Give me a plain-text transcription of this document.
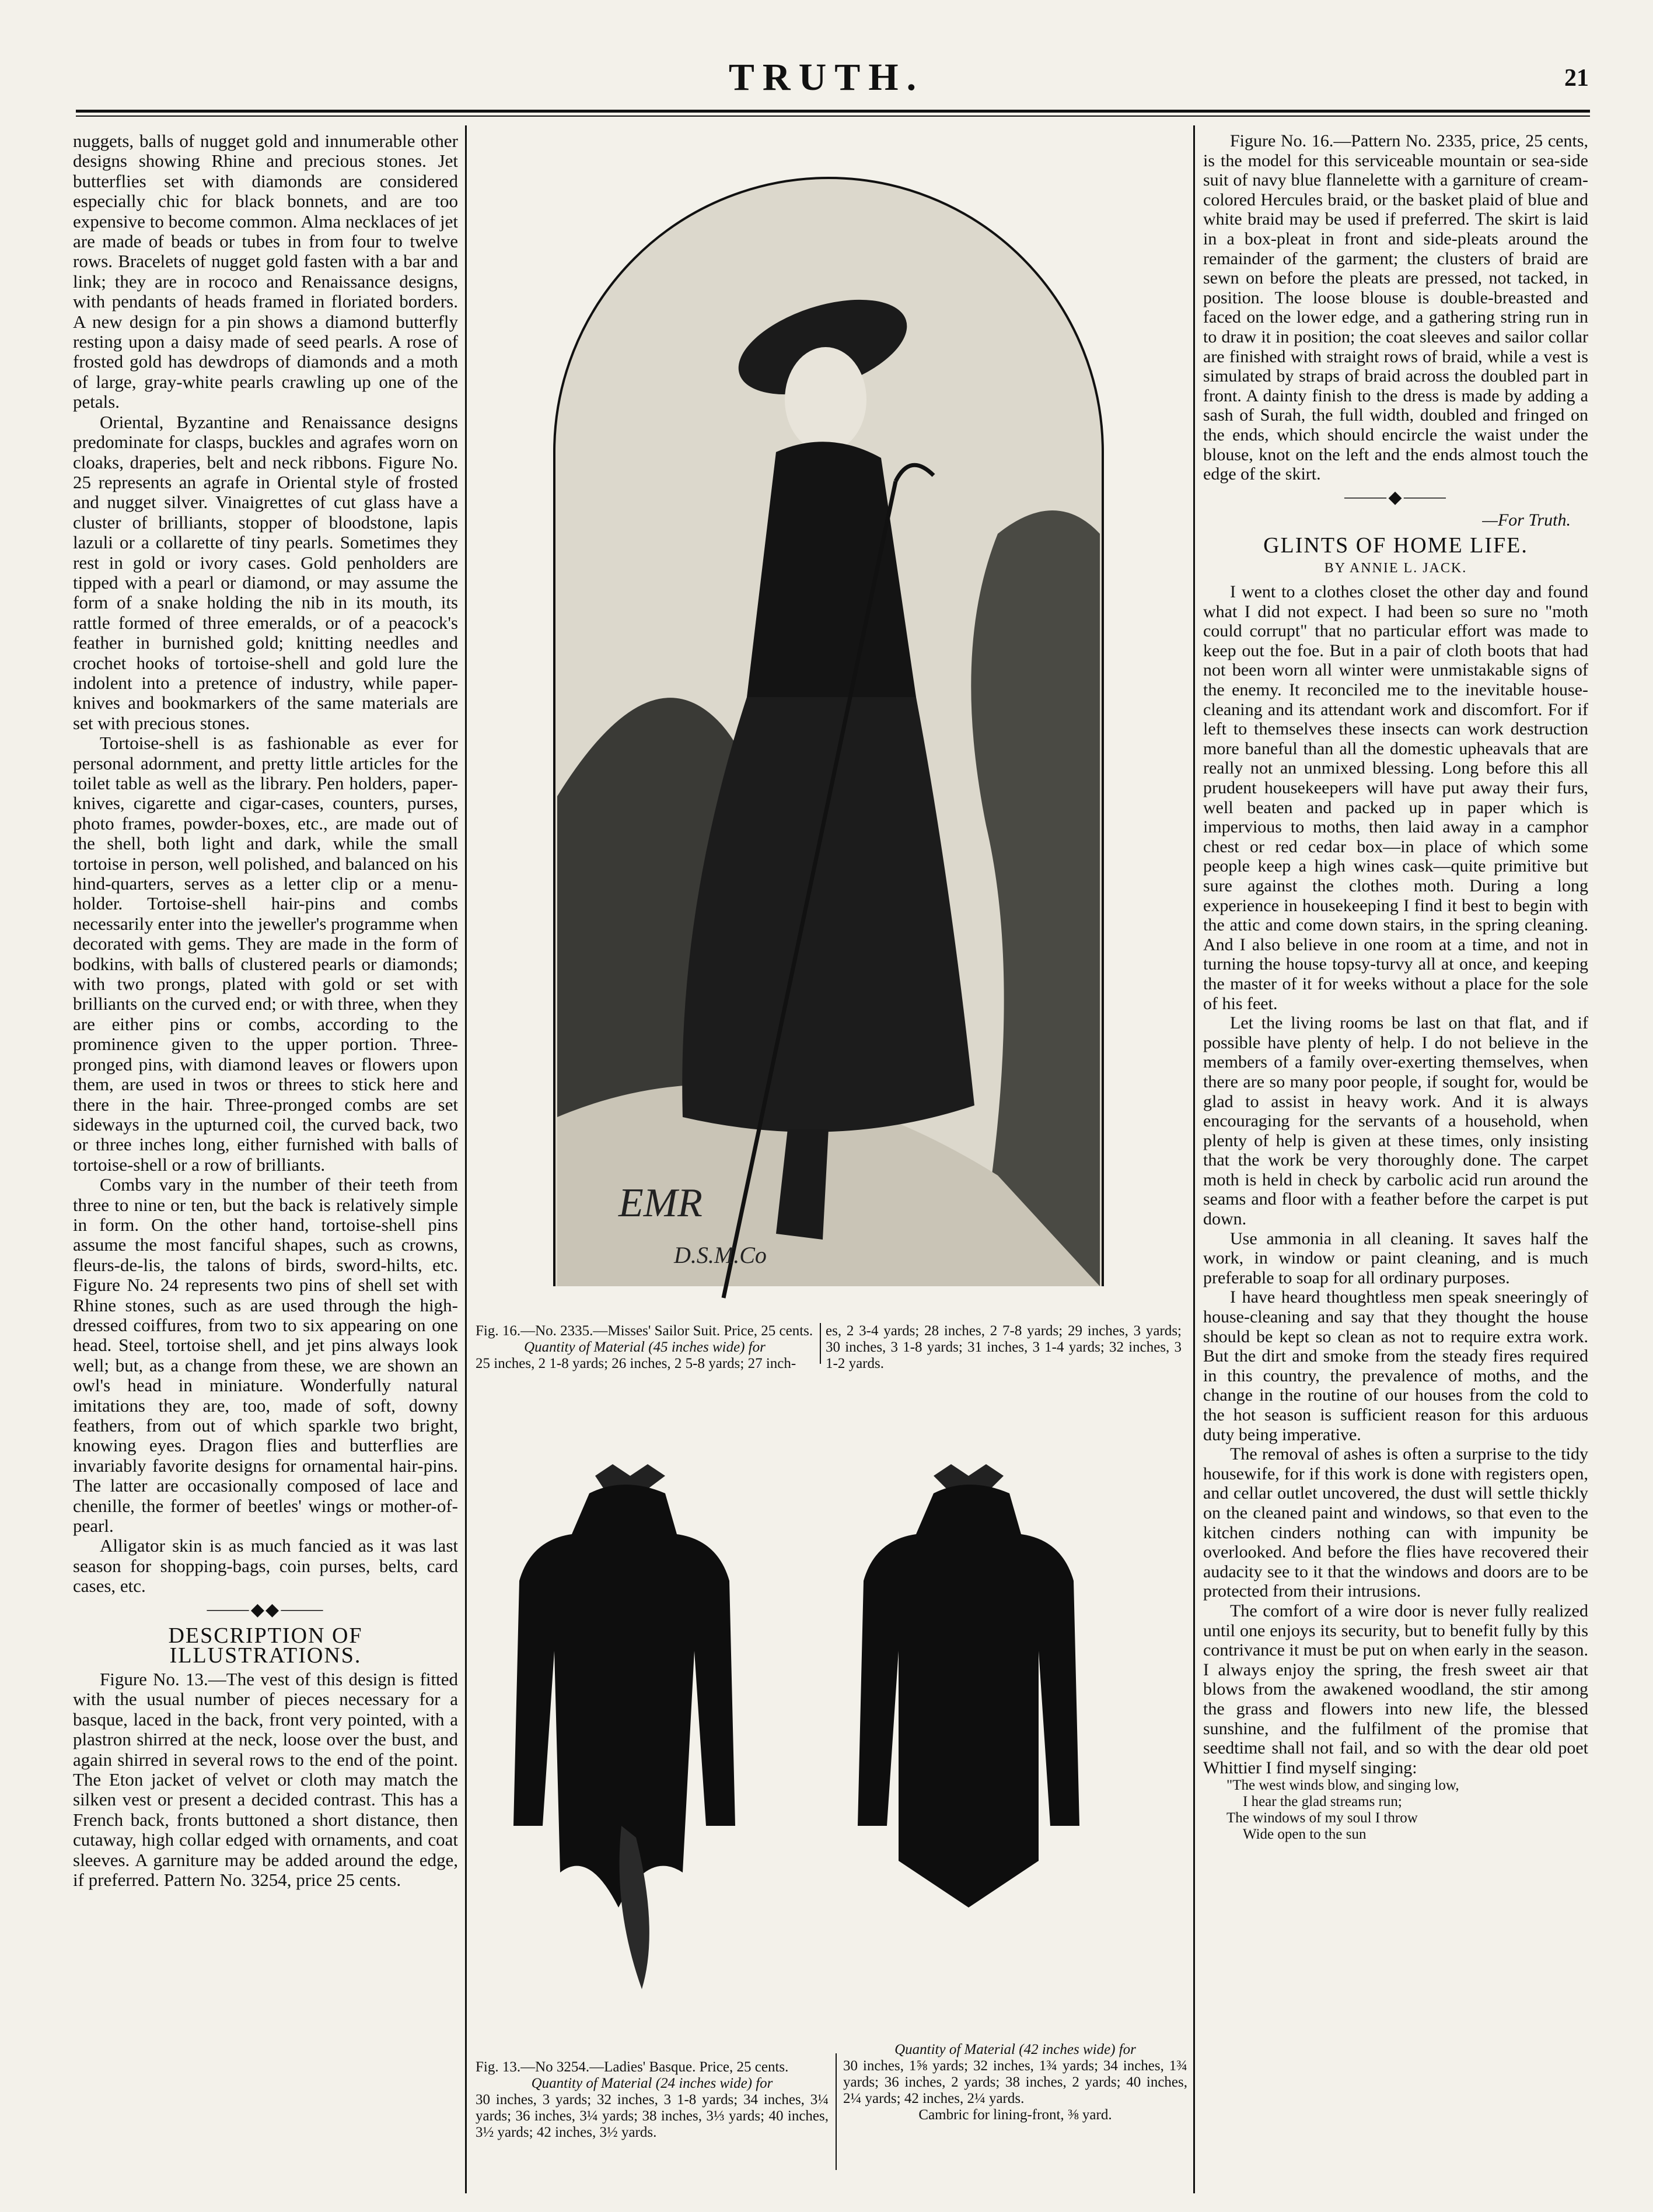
TRUTH.	21

nuggets, balls of nugget gold and innumerable other designs showing Rhine and precious stones. Jet butterflies set with diamonds are considered especially chic for black bonnets, and are too expensive to become common. Alma necklaces of jet are made of beads or tubes in from four to twelve rows. Bracelets of nugget gold fasten with a bar and link; they are in rococo and Renaissance designs, with pendants of heads framed in floriated borders. A new design for a pin shows a diamond butterfly resting upon a daisy made of seed pearls. A rose of frosted gold has dewdrops of diamonds and a moth of large, gray-white pearls crawling up one of the petals.

Oriental, Byzantine and Renaissance designs predominate for clasps, buckles and agrafes worn on cloaks, draperies, belt and neck ribbons. Figure No. 25 represents an agrafe in Oriental style of frosted and nugget silver. Vinaigrettes of cut glass have a cluster of brilliants, stopper of bloodstone, lapis lazuli or a collarette of tiny pearls. Sometimes they rest in gold or ivory cases. Gold penholders are tipped with a pearl or diamond, or may assume the form of a snake holding the nib in its mouth, its rattle formed of three emeralds, or of a peacock's feather in burnished gold; knitting needles and crochet hooks of tortoise-shell and gold lure the indolent into a pretence of industry, while paper-knives and bookmarkers of the same materials are set with precious stones.

Tortoise-shell is as fashionable as ever for personal adornment, and pretty little articles for the toilet table as well as the library. Pen holders, paper-knives, cigarette and cigar-cases, counters, purses, photo frames, powder-boxes, etc., are made out of the shell, both light and dark, while the small tortoise in person, well polished, and balanced on his hind-quarters, serves as a letter clip or a menu-holder. Tortoise-shell hair-pins and combs necessarily enter into the jeweller's programme when decorated with gems. They are made in the form of bodkins, with balls of clustered pearls or diamonds; with two prongs, plated with gold or set with brilliants on the curved end; or with three, when they are either pins or combs, according to the prominence given to the upper portion. Three-pronged pins, with diamond leaves or flowers upon them, are used in twos or threes to stick here and there in the hair. Three-pronged combs are set sideways in the upturned coil, the curved back, two or three inches long, either furnished with balls of tortoise-shell or a row of brilliants.

Combs vary in the number of their teeth from three to nine or ten, but the back is relatively simple in form. On the other hand, tortoise-shell pins assume the most fanciful shapes, such as crowns, fleurs-de-lis, the talons of birds, sword-hilts, etc. Figure No. 24 represents two pins of shell set with Rhine stones, such as are used through the high-dressed coiffures, from two to six appearing on one head. Steel, tortoise shell, and jet pins always look well; but, as a change from these, we are shown an owl's head in miniature. Wonderfully natural imitations they are, too, made of soft, downy feathers, from out of which sparkle two bright, knowing eyes. Dragon flies and butterflies are invariably favorite designs for ornamental hair-pins. The latter are occasionally composed of lace and chenille, the former of beetles' wings or mother-of-pearl.

Alligator skin is as much fancied as it was last season for shopping-bags, coin purses, belts, card cases, etc.

⸻◆◆⸻
DESCRIPTION OF ILLUSTRATIONS.

Figure No. 13.—The vest of this design is fitted with the usual number of pieces necessary for a basque, laced in the back, front very pointed, with a plastron shirred at the neck, loose over the bust, and again shirred in several rows to the end of the point. The Eton jacket of velvet or cloth may match the silken vest or present a decided contrast. This has a French back, fronts buttoned a short distance, then cutaway, high collar edged with ornaments, and coat sleeves. A garniture may be added around the edge, if preferred. Pattern No. 3254, price 25 cents.

EMR
D.S.M.Co
Fig. 16.—No. 2335.—Misses' Sailor Suit. Price, 25 cents.
Quantity of Material (45 inches wide) for
25 inches, 2 1-8 yards; 26 inches, 2 5-8 yards; 27 inch-
es, 2 3-4 yards; 28 inches, 2 7-8 yards; 29 inches, 3 yards; 30 inches, 3 1-8 yards; 31 inches, 3 1-4 yards; 32 inches, 3 1-2 yards.
Fig. 13.—No 3254.—Ladies' Basque. Price, 25 cents.
Quantity of Material (24 inches wide) for
30 inches, 3 yards; 32 inches, 3 1-8 yards; 34 inches, 3¼ yards; 36 inches, 3¼ yards; 38 inches, 3⅓ yards; 40 inches, 3½ yards; 42 inches, 3½ yards.
Quantity of Material (42 inches wide) for
30 inches, 1⅝ yards; 32 inches, 1¾ yards; 34 inches, 1¾ yards; 36 inches, 2 yards; 38 inches, 2 yards; 40 inches, 2¼ yards; 42 inches, 2¼ yards.
Cambric for lining-front, ⅜ yard.

Figure No. 16.—Pattern No. 2335, price, 25 cents, is the model for this serviceable mountain or sea-side suit of navy blue flannelette with a garniture of cream-colored Hercules braid, or the basket plaid of blue and white braid may be used if preferred. The skirt is laid in a box-pleat in front and side-pleats around the remainder of the garment; the clusters of braid are sewn on before the pleats are pressed, not tacked, in position. The loose blouse is double-breasted and faced on the lower edge, and a gathering string run in to draw it in position; the coat sleeves and sailor collar are finished with straight rows of braid, while a vest is simulated by straps of braid across the doubled part in front. A dainty finish to the dress is made by adding a sash of Surah, the full width, doubled and fringed on the ends, which should encircle the waist under the blouse, knot on the left and the ends almost touch the edge of the skirt.

⸻◆⸻
—For Truth.
GLINTS OF HOME LIFE.
BY ANNIE L. JACK.

I went to a clothes closet the other day and found what I did not expect. I had been so sure no "moth could corrupt" that no particular effort was made to keep out the foe. But in a pair of cloth boots that had not been worn all winter were unmistakable signs of the enemy. It reconciled me to the inevitable house-cleaning and its attendant work and discomfort. For if left to themselves these insects can work destruction more baneful than all the domestic upheavals that are really not an unmixed blessing. Long before this all prudent housekeepers will have put away their furs, well beaten and packed up in paper which is impervious to moths, then laid away in a camphor chest or red cedar box—in place of which some people keep a high wines cask—quite primitive but sure against the clothes moth. During a long experience in housekeeping I find it best to begin with the attic and come down stairs, in the spring cleaning. And I also believe in one room at a time, and not in turning the house topsy-turvy all at once, and keeping the master of it for weeks without a place for the sole of his feet.

Let the living rooms be last on that flat, and if possible have plenty of help. I do not believe in the members of a family over-exerting themselves, when there are so many poor people, if sought for, would be glad to assist in heavy work. And it is always encouraging for the servants of a household, when plenty of help is given at these times, only insisting that the work be very thoroughly done. The carpet moth is held in check by carbolic acid run around the seams and floor with a feather before the carpet is put down.

Use ammonia in all cleaning. It saves half the work, in window or paint cleaning, and is much preferable to soap for all ordinary purposes.

I have heard thoughtless men speak sneeringly of house-cleaning and say that they thought the house should be kept so clean as not to require extra work. But the dirt and smoke from the steady fires required in this country, the prevalence of moths, and the change in the routine of our houses from the cold to the hot season is sufficient reason for this arduous duty being imperative.

The removal of ashes is often a surprise to the tidy housewife, for if this work is done with registers open, and cellar outlet uncovered, the dust will settle thickly on the cleaned paint and windows, so that even to the kitchen cinders nothing can with impunity be overlooked. And before the flies have recovered their audacity see to it that the windows and doors are to be protected from their intrusions.

The comfort of a wire door is never fully realized until one enjoys its security, but to benefit fully by this contrivance it must be put on when early in the season. I always enjoy the spring, the fresh sweet air that blows from the awakened woodland, the stir among the grass and flowers into new life, the blessed sunshine, and the fulfilment of the promise that seedtime shall not fail, and so with the dear old poet Whittier I find myself singing:

"The west winds blow, and singing low,
I hear the glad streams run;
The windows of my soul I throw
Wide open to the sun
